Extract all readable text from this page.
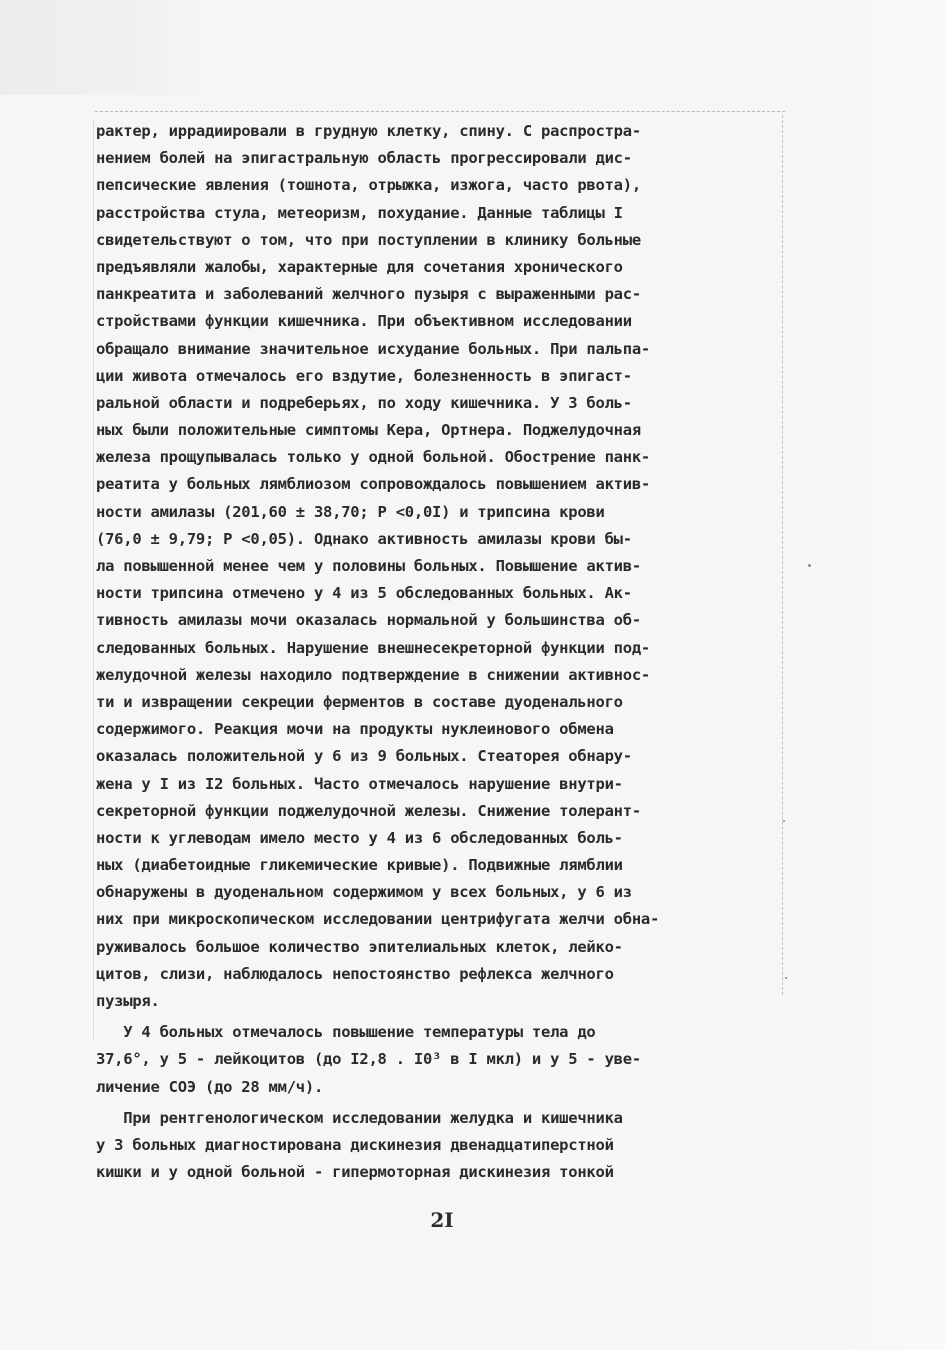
рактер, иррадиировали в грудную клетку, спину. С распростра-
нением болей на эпигастральную область прогрессировали дис-
пепсические явления (тошнота, отрыжка, изжога, часто рвота),
расстройства стула, метеоризм, похудание. Данные таблицы I
свидетельствуют о том, что при поступлении в клинику больные
предъявляли жалобы, характерные для сочетания хронического
панкреатита и заболеваний желчного пузыря с выраженными рас-
стройствами функции кишечника. При объективном исследовании
обращало внимание значительное исхудание больных. При пальпа-
ции живота отмечалось его вздутие, болезненность в эпигаст-
ральной области и подреберьях, по ходу кишечника. У 3 боль-
ных были положительные симптомы Кера, Ортнера. Поджелудочная
железа прощупывалась только у одной больной. Обострение панк-
реатита у больных лямблиозом сопровождалось повышением актив-
ности амилазы (201,60 ± 38,70; P <0,0I) и трипсина крови
(76,0 ± 9,79; P <0,05). Однако активность амилазы крови бы-
ла повышенной менее чем у половины больных. Повышение актив-
ности трипсина отмечено у 4 из 5 обследованных больных. Ак-
тивность амилазы мочи оказалась нормальной у большинства об-
следованных больных. Нарушение внешнесекреторной функции под-
желудочной железы находило подтверждение в снижении активнос-
ти и извращении секреции ферментов в составе дуоденального
содержимого. Реакция мочи на продукты нуклеинового обмена
оказалась положительной у 6 из 9 больных. Стеаторея обнару-
жена у I из I2 больных. Часто отмечалось нарушение внутри-
секреторной функции поджелудочной железы. Снижение толерант-
ности к углеводам имело место у 4 из 6 обследованных боль-
ных (диабетоидные гликемические кривые). Подвижные лямблии
обнаружены в дуоденальном содержимом у всех больных, у 6 из
них при микроскопическом исследовании центрифугата желчи обна-
руживалось большое количество эпителиальных клеток, лейко-
цитов, слизи, наблюдалось непостоянство рефлекса желчного
пузыря.
У 4 больных отмечалось повышение температуры тела до
37,6°, у 5 - лейкоцитов (до I2,8 . I0³ в I мкл) и у 5 - уве-
личение СОЭ (до 28 мм/ч).
При рентгенологическом исследовании желудка и кишечника
у 3 больных диагностирована дискинезия двенадцатиперстной
кишки и у одной больной - гипермоторная дискинезия тонкой
2I
